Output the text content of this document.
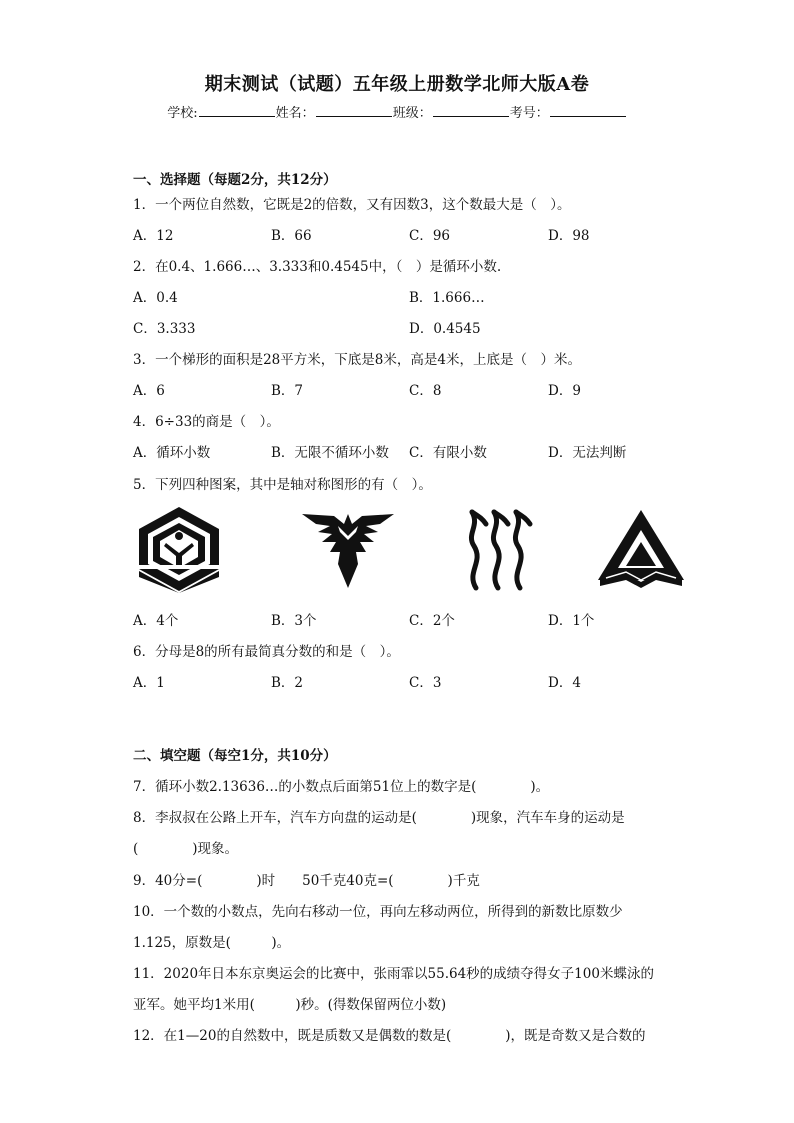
期末测试（试题）五年级上册数学北师大版A卷
学校:	姓名：	班级：	考号：
一、选择题（每题2分，共12分）
1．一个两位自然数，它既是2的倍数，又有因数3，这个数最大是（　）。
A．12	B．66	C．96	D．98
2．在0.4、1.666…、3.333和0.4545中，（　）是循环小数.
A．0.4	B．1.666…
C．3.333	D．0.4545
3．一个梯形的面积是28平方米，下底是8米，高是4米，上底是（　）米。
A．6	B．7	C．8	D．9
4．6÷33的商是（　）。
A．循环小数	B．无限不循环小数 C．有限小数	D．无法判断
5．下列四种图案，其中是轴对称图形的有（　）。
A．4个	B．3个	C．2个	D．1个
6．分母是8的所有最简真分数的和是（　）。
A．1	B．2	C．3	D．4
二、填空题（每空1分，共10分）
7．循环小数2.13636…的小数点后面第51位上的数字是(　　　　)。
8．李叔叔在公路上开车，汽车方向盘的运动是(　　　　)现象，汽车车身的运动是
(　　　　)现象。
9．40分=(　　　　)时　　50千克40克=(　　　　)千克
10．一个数的小数点，先向右移动一位，再向左移动两位，所得到的新数比原数少
1.125，原数是(　　　)。
11．2020年日本东京奥运会的比赛中，张雨霏以55.64秒的成绩夺得女子100米蝶泳的
亚军。她平均1米用(　　　)秒。(得数保留两位小数)
12．在1—20的自然数中，既是质数又是偶数的数是(　　　　)，既是奇数又是合数的
